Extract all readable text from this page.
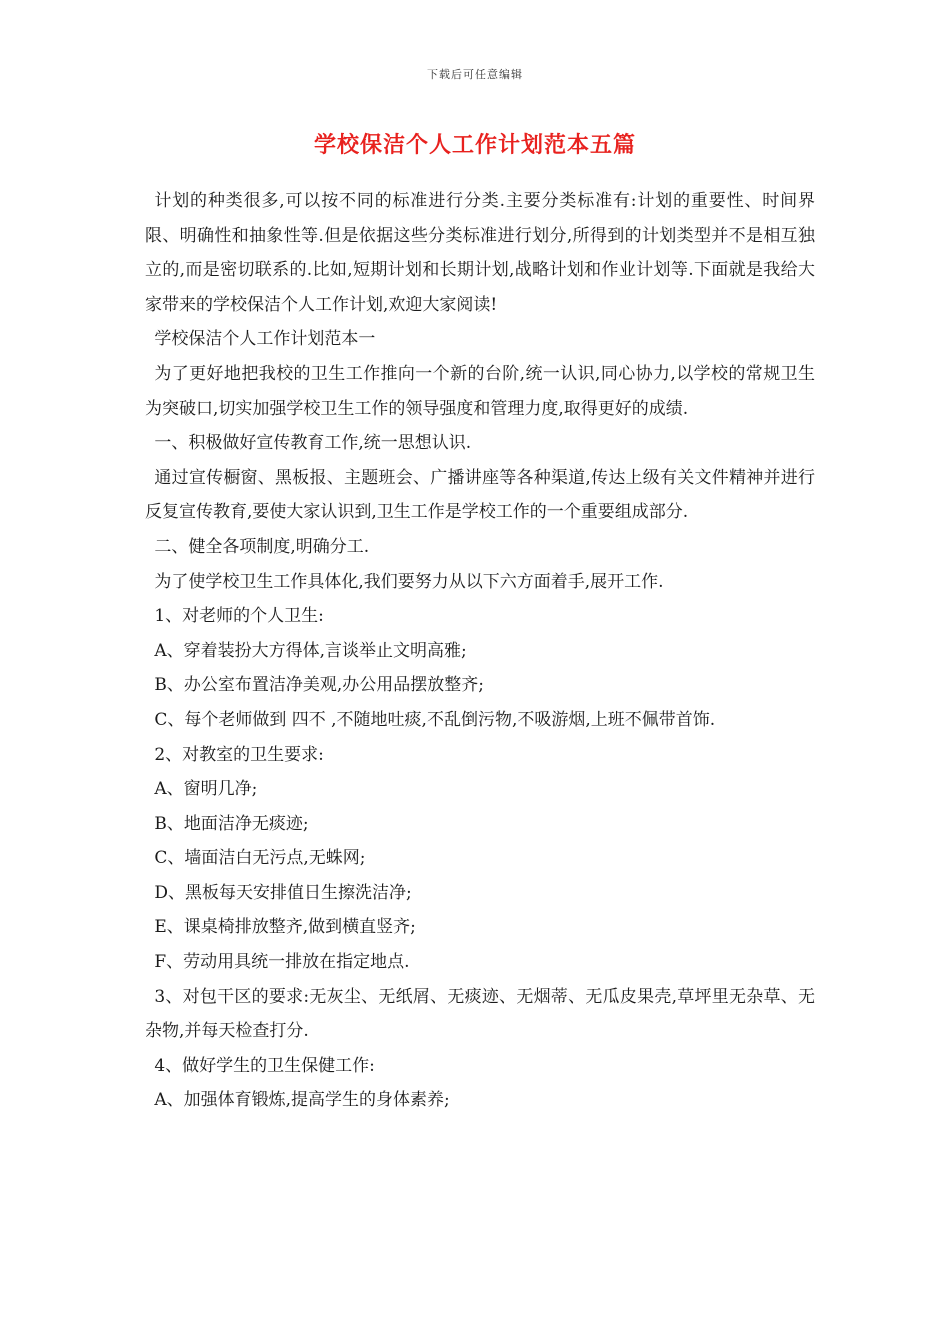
下载后可任意编辑
学校保洁个人工作计划范本五篇

计划的种类很多,可以按不同的标准进行分类.主要分类标准有:计划的重要性、时间界限、明确性和抽象性等.但是依据这些分类标准进行划分,所得到的计划类型并不是相互独立的,而是密切联系的.比如,短期计划和长期计划,战略计划和作业计划等.下面就是我给大家带来的学校保洁个人工作计划,欢迎大家阅读!

学校保洁个人工作计划范本一

为了更好地把我校的卫生工作推向一个新的台阶,统一认识,同心协力,以学校的常规卫生为突破口,切实加强学校卫生工作的领导强度和管理力度,取得更好的成绩.

一、积极做好宣传教育工作,统一思想认识.

通过宣传橱窗、黑板报、主题班会、广播讲座等各种渠道,传达上级有关文件精神并进行反复宣传教育,要使大家认识到,卫生工作是学校工作的一个重要组成部分.

二、健全各项制度,明确分工.

为了使学校卫生工作具体化,我们要努力从以下六方面着手,展开工作.

1、对老师的个人卫生:

A、穿着装扮大方得体,言谈举止文明高雅;

B、办公室布置洁净美观,办公用品摆放整齐;

C、每个老师做到 四不 ,不随地吐痰,不乱倒污物,不吸游烟,上班不佩带首饰.

2、对教室的卫生要求:

A、窗明几净;

B、地面洁净无痰迹;

C、墙面洁白无污点,无蛛网;

D、黑板每天安排值日生擦洗洁净;

E、课桌椅排放整齐,做到横直竖齐;

F、劳动用具统一排放在指定地点.

3、对包干区的要求:无灰尘、无纸屑、无痰迹、无烟蒂、无瓜皮果壳,草坪里无杂草、无杂物,并每天检查打分.

4、做好学生的卫生保健工作:

A、加强体育锻炼,提高学生的身体素养;
